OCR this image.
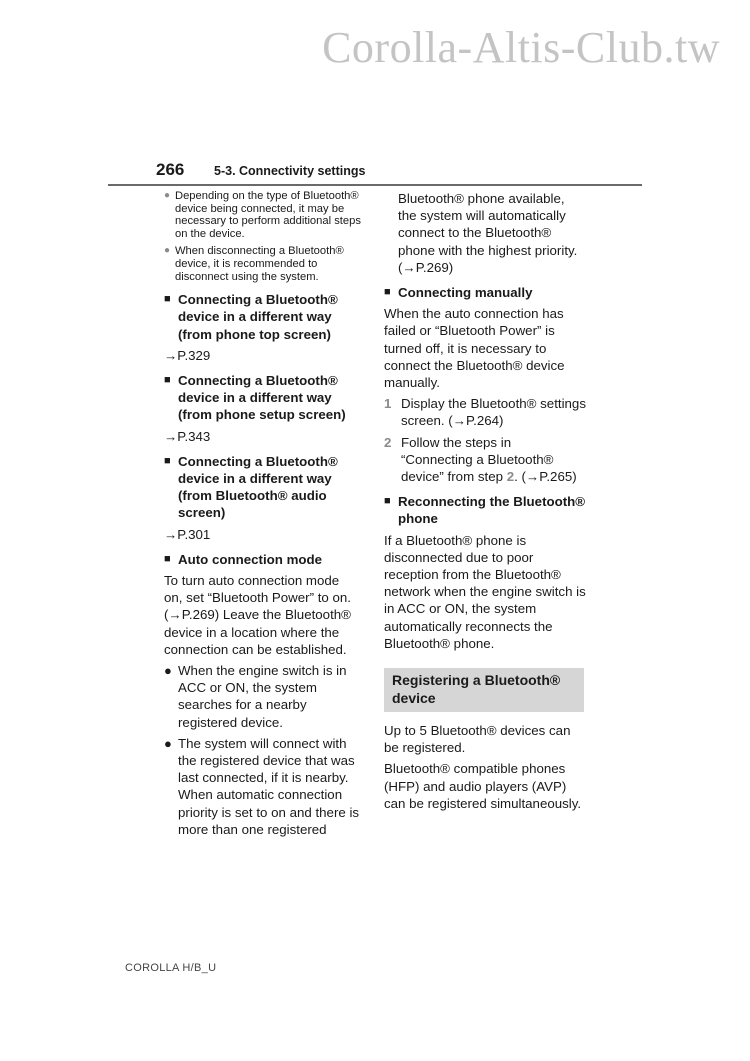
Corolla-Altis-Club.tw
266 5-3. Connectivity settings
● Depending on the type of Bluetooth® device being connected, it may be necessary to perform additional steps on the device.
● When disconnecting a Bluetooth® device, it is recommended to disconnect using the system.
■ Connecting a Bluetooth® device in a different way (from phone top screen)

→P.329

■ Connecting a Bluetooth® device in a different way (from phone setup screen)

→P.343

■ Connecting a Bluetooth® device in a different way (from Bluetooth® audio screen)

→P.301

■ Auto connection mode

To turn auto connection mode on, set “Bluetooth Power” to on. (→P.269) Leave the Bluetooth® device in a location where the connection can be established.

● When the engine switch is in ACC or ON, the system searches for a nearby registered device.
● The system will connect with the registered device that was last connected, if it is nearby. When automatic connection priority is set to on and there is more than one registered

Bluetooth® phone available, the system will automatically connect to the Bluetooth® phone with the highest priority. (→P.269)

■ Connecting manually

When the auto connection has failed or “Bluetooth Power” is turned off, it is necessary to connect the Bluetooth® device manually.

1 Display the Bluetooth® settings screen. (→P.264)
2 Follow the steps in “Connecting a Bluetooth® device” from step 2. (→P.265)
■ Reconnecting the Bluetooth® phone

If a Bluetooth® phone is disconnected due to poor reception from the Bluetooth® network when the engine switch is in ACC or ON, the system automatically reconnects the Bluetooth® phone.

Registering a Bluetooth® device

Up to 5 Bluetooth® devices can be registered.

Bluetooth® compatible phones (HFP) and audio players (AVP) can be registered simultaneously.

COROLLA H/B_U
